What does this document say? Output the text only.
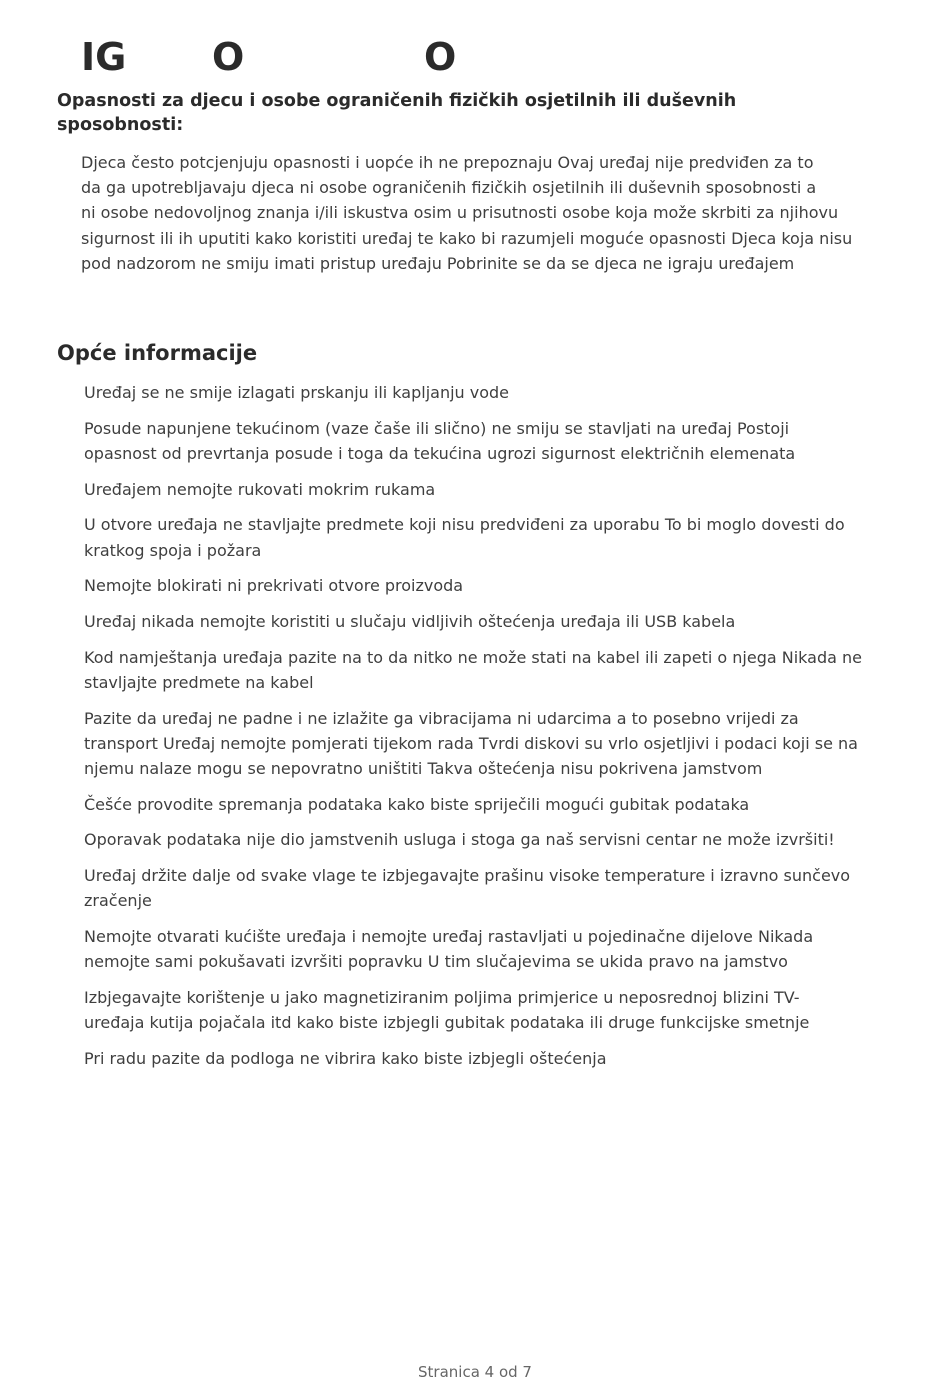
IG O	O
Opasnosti za djecu i osobe ograničenih fizičkih osjetilnih ili duševnih
sposobnosti:
Djeca često potcjenjuju opasnosti i uopće ih ne prepoznaju Ovaj uređaj nije predviđen za to
da ga upotrebljavaju djeca ni osobe ograničenih fizičkih osjetilnih ili duševnih sposobnosti a
ni osobe nedovoljnog znanja i/ili iskustva osim u prisutnosti osobe koja može skrbiti za njihovu
sigurnost ili ih uputiti kako koristiti uređaj te kako bi razumjeli moguće opasnosti Djeca koja nisu
pod nadzorom ne smiju imati pristup uređaju Pobrinite se da se djeca ne igraju uređajem
Opće informacije
Uređaj se ne smije izlagati prskanju ili kapljanju vode
Posude napunjene tekućinom (vaze čaše ili slično) ne smiju se stavljati na uređaj Postoji
opasnost od prevrtanja posude i toga da tekućina ugrozi sigurnost električnih elemenata
Uređajem nemojte rukovati mokrim rukama
U otvore uređaja ne stavljajte predmete koji nisu predviđeni za uporabu To bi moglo dovesti do
kratkog spoja i požara
Nemojte blokirati ni prekrivati otvore proizvoda
Uređaj nikada nemojte koristiti u slučaju vidljivih oštećenja uređaja ili USB kabela
Kod namještanja uređaja pazite na to da nitko ne može stati na kabel ili zapeti o njega Nikada ne
stavljajte predmete na kabel
Pazite da uređaj ne padne i ne izlažite ga vibracijama ni udarcima a to posebno vrijedi za
transport Uređaj nemojte pomjerati tijekom rada Tvrdi diskovi su vrlo osjetljivi i podaci koji se na
njemu nalaze mogu se nepovratno uništiti Takva oštećenja nisu pokrivena jamstvom
Češće provodite spremanja podataka kako biste spriječili mogući gubitak podataka
Oporavak podataka nije dio jamstvenih usluga i stoga ga naš servisni centar ne može izvršiti!
Uređaj držite dalje od svake vlage te izbjegavajte prašinu visoke temperature i izravno sunčevo
zračenje
Nemojte otvarati kućište uređaja i nemojte uređaj rastavljati u pojedinačne dijelove Nikada
nemojte sami pokušavati izvršiti popravku U tim slučajevima se ukida pravo na jamstvo
Izbjegavajte korištenje u jako magnetiziranim poljima primjerice u neposrednoj blizini TV-
uređaja kutija pojačala itd kako biste izbjegli gubitak podataka ili druge funkcijske smetnje
Pri radu pazite da podloga ne vibrira kako biste izbjegli oštećenja
Stranica 4 od 7
